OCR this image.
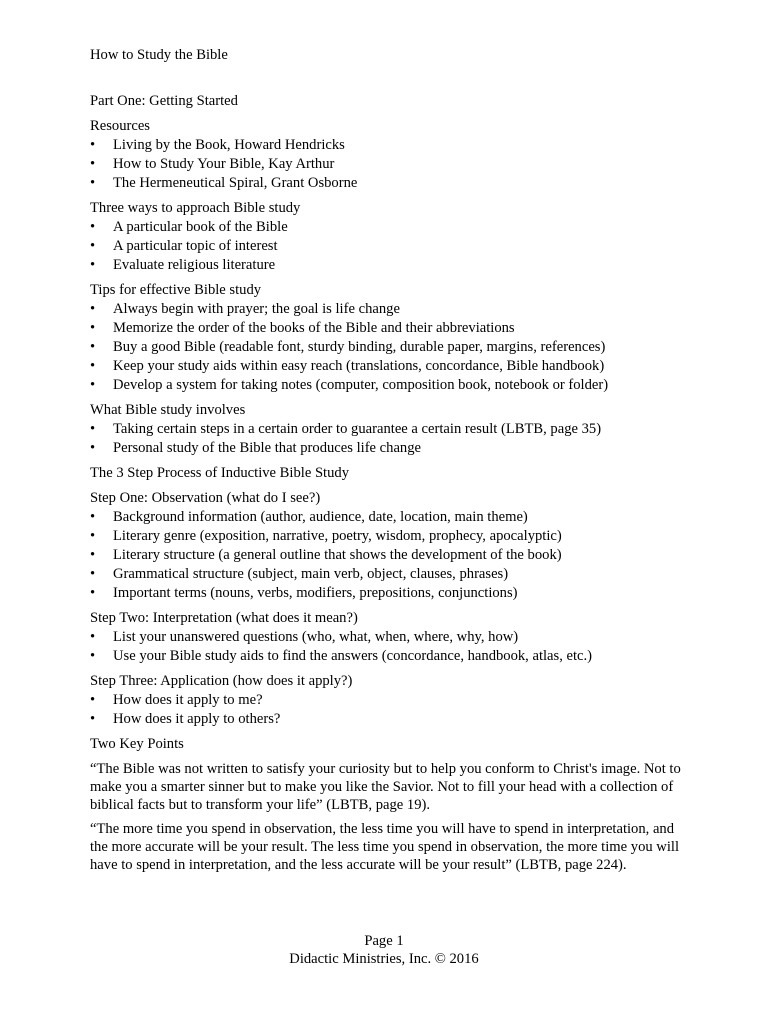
How to Study the Bible
Part One: Getting Started
Resources
•	Living by the Book, Howard Hendricks
•	How to Study Your Bible, Kay Arthur
•	The Hermeneutical Spiral, Grant Osborne
Three ways to approach Bible study
•	A particular book of the Bible
•	A particular topic of interest
•	Evaluate religious literature
Tips for effective Bible study
•	Always begin with prayer; the goal is life change
•	Memorize the order of the books of the Bible and their abbreviations
•	Buy a good Bible (readable font, sturdy binding, durable paper, margins, references)
•	Keep your study aids within easy reach (translations, concordance, Bible handbook)
•	Develop a system for taking notes (computer, composition book, notebook or folder)
What Bible study involves
•	Taking certain steps in a certain order to guarantee a certain result (LBTB, page 35)
•	Personal study of the Bible that produces life change
The 3 Step Process of Inductive Bible Study
Step One: Observation (what do I see?)
•	Background information (author, audience, date, location, main theme)
•	Literary genre (exposition, narrative, poetry, wisdom, prophecy, apocalyptic)
•	Literary structure (a general outline that shows the development of the book)
•	Grammatical structure (subject, main verb, object, clauses, phrases)
•	Important terms (nouns, verbs, modifiers, prepositions, conjunctions)
Step Two: Interpretation (what does it mean?)
•	List your unanswered questions (who, what, when, where, why, how)
•	Use your Bible study aids to find the answers (concordance, handbook, atlas, etc.)
Step Three: Application (how does it apply?)
•	How does it apply to me?
•	How does it apply to others?
Two Key Points

“The Bible was not written to satisfy your curiosity but to help you conform to Christ's image. Not to make you a smarter sinner but to make you like the Savior. Not to fill your head with a collection of biblical facts but to transform your life” (LBTB, page 19).

“The more time you spend in observation, the less time you will have to spend in interpretation, and the more accurate will be your result. The less time you spend in observation, the more time you will have to spend in interpretation, and the less accurate will be your result” (LBTB, page 224).

Page 1
Didactic Ministries, Inc. © 2016
